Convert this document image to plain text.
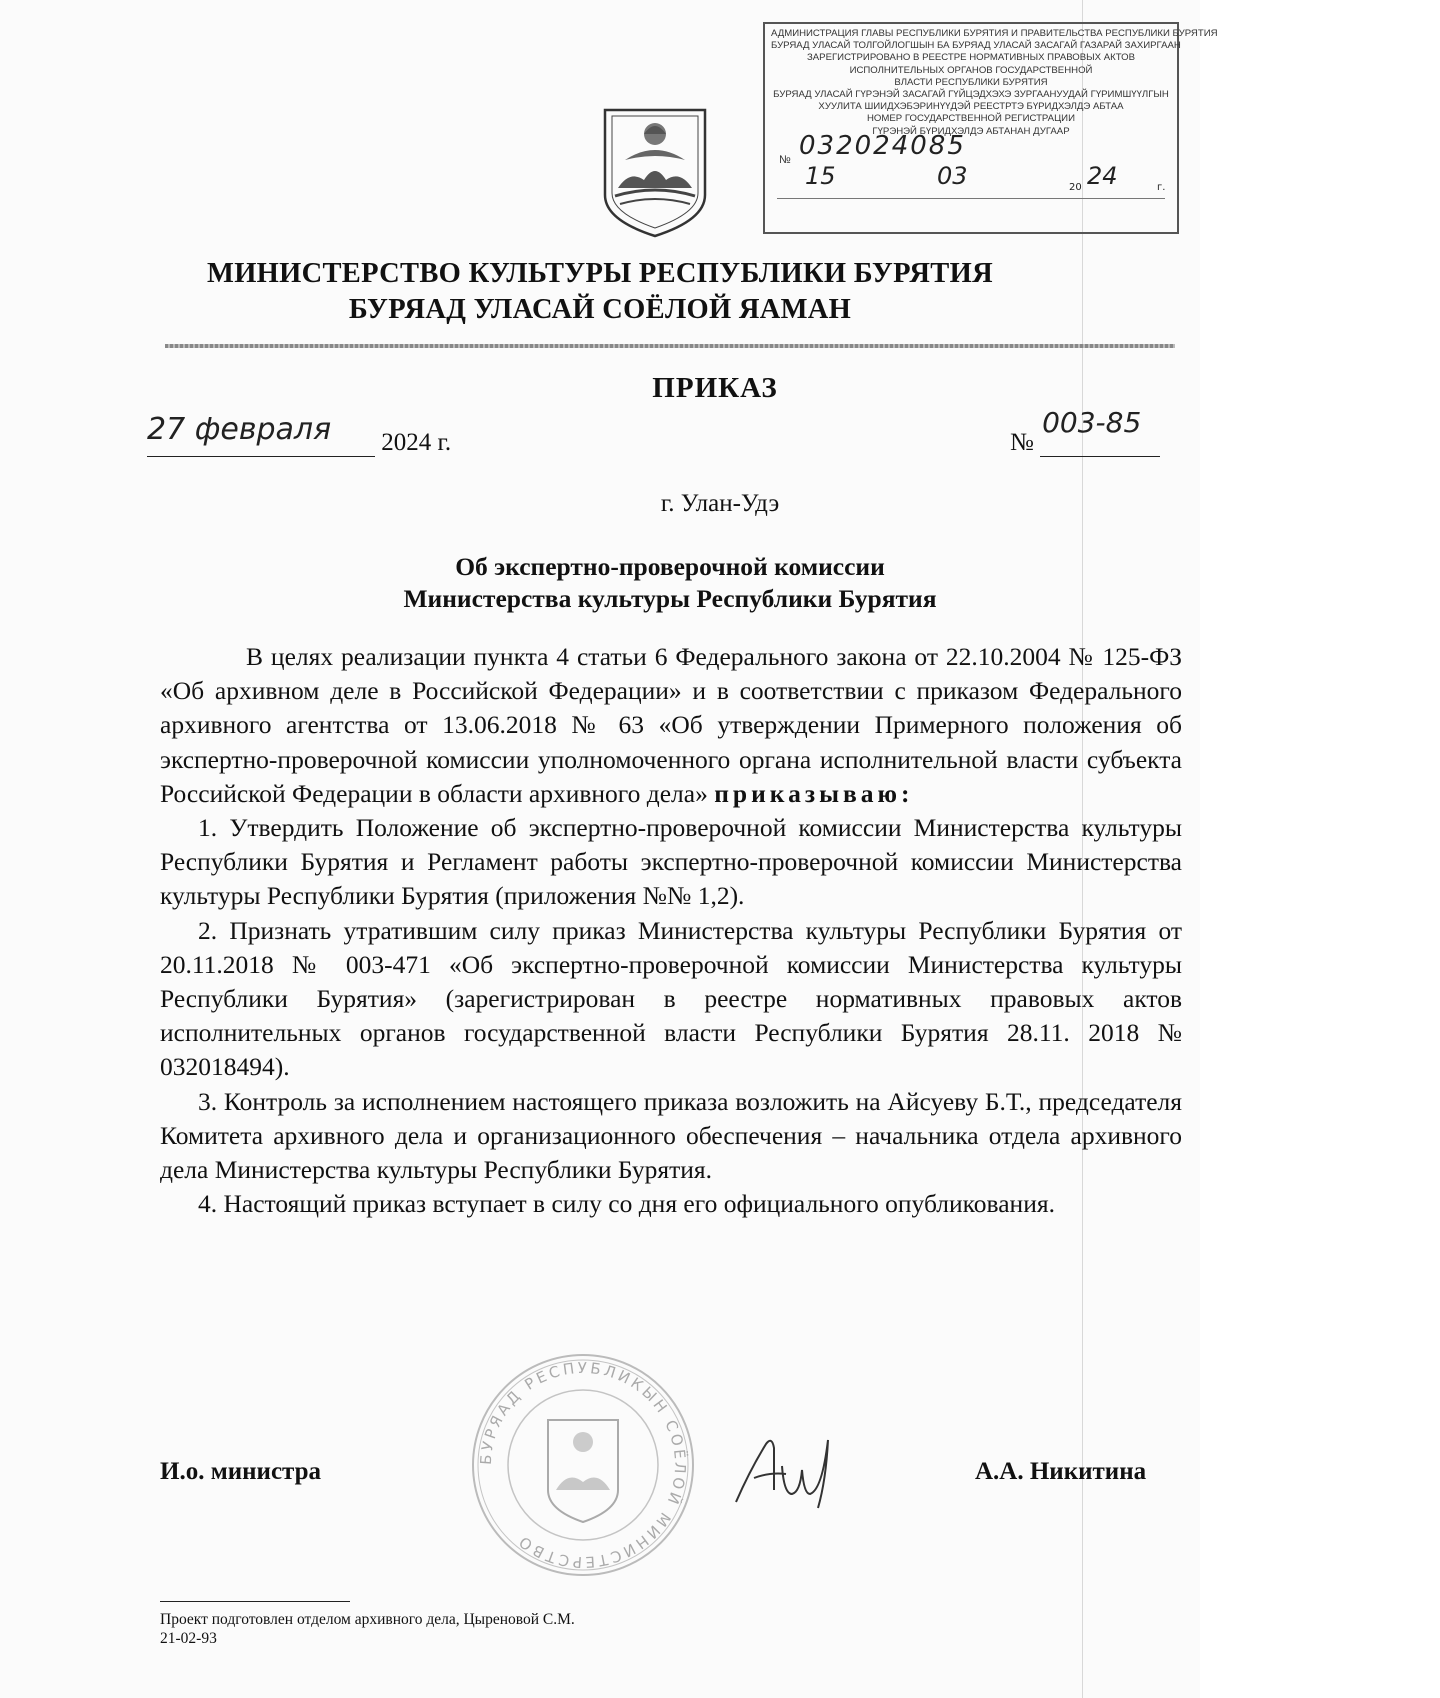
АДМИНИСТРАЦИЯ ГЛАВЫ РЕСПУБЛИКИ БУРЯТИЯ И ПРАВИТЕЛЬСТВА РЕСПУБЛИКИ БУРЯТИЯ
БУРЯАД УЛАСАЙ ТОЛГОЙЛОГШЫН БА БУРЯАД УЛАСАЙ ЗАСАГАЙ ГАЗАРАЙ ЗАХИРГААН
ЗАРЕГИСТРИРОВАНО В РЕЕСТРЕ НОРМАТИВНЫХ ПРАВОВЫХ АКТОВ
ИСПОЛНИТЕЛЬНЫХ ОРГАНОВ ГОСУДАРСТВЕННОЙ
ВЛАСТИ РЕСПУБЛИКИ БУРЯТИЯ
БУРЯАД УЛАСАЙ ГҮРЭНЭЙ ЗАСАГАЙ ГҮЙЦЭДХЭХЭ ЗУРГААНУУДАЙ ГҮРИМШҮҮЛГЫН
ХУУЛИТА ШИИДХЭБЭРИНҮҮДЭЙ РЕЕСТРТЭ БҮРИДХЭЛДЭ АБТАА
НОМЕР ГОСУДАРСТВЕННОЙ РЕГИСТРАЦИИ
ГҮРЭНЭЙ БҮРИДХЭЛДЭ АБТАНАН ДУГААР
№ 032024085
15	03	20 24	г.
МИНИСТЕРСТВО КУЛЬТУРЫ РЕСПУБЛИКИ БУРЯТИЯ
БУРЯАД УЛАСАЙ СОЁЛОЙ ЯАМАН
ПРИКАЗ
27 февраля 2024 г.	№
003-85
г. Улан-Удэ
Об экспертно-проверочной комиссии
Министерства культуры Республики Бурятия

В целях реализации пункта 4 статьи 6 Федерального закона от 22.10.2004 № 125-ФЗ «Об архивном деле в Российской Федерации» и в соответствии с приказом Федерального архивного агентства от 13.06.2018 № 63 «Об утверждении Примерного положения об экспертно-проверочной комиссии уполномоченного органа исполнительной власти субъекта Российской Федерации в области архивного дела» приказываю:

1. Утвердить Положение об экспертно-проверочной комиссии Министерства культуры Республики Бурятия и Регламент работы экспертно-проверочной комиссии Министерства культуры Республики Бурятия (приложения №№ 1,2).

2. Признать утратившим силу приказ Министерства культуры Республики Бурятия от 20.11.2018 № 003-471 «Об экспертно-проверочной комиссии Министерства культуры Республики Бурятия» (зарегистрирован в реестре нормативных правовых актов исполнительных органов государственной власти Республики Бурятия 28.11. 2018 № 032018494).

3. Контроль за исполнением настоящего приказа возложить на Айсуеву Б.Т., председателя Комитета архивного дела и организационного обеспечения – начальника отдела архивного дела Министерства культуры Республики Бурятия.

4. Настоящий приказ вступает в силу со дня его официального опубликования.

БУРЯАД РЕСПУБЛИКЫН СОЁЛОЙ МИНИСТЕРСТВО
И.о. министра	А.А. Никитина
Проект подготовлен отделом архивного дела, Цыреновой С.М.
21-02-93
